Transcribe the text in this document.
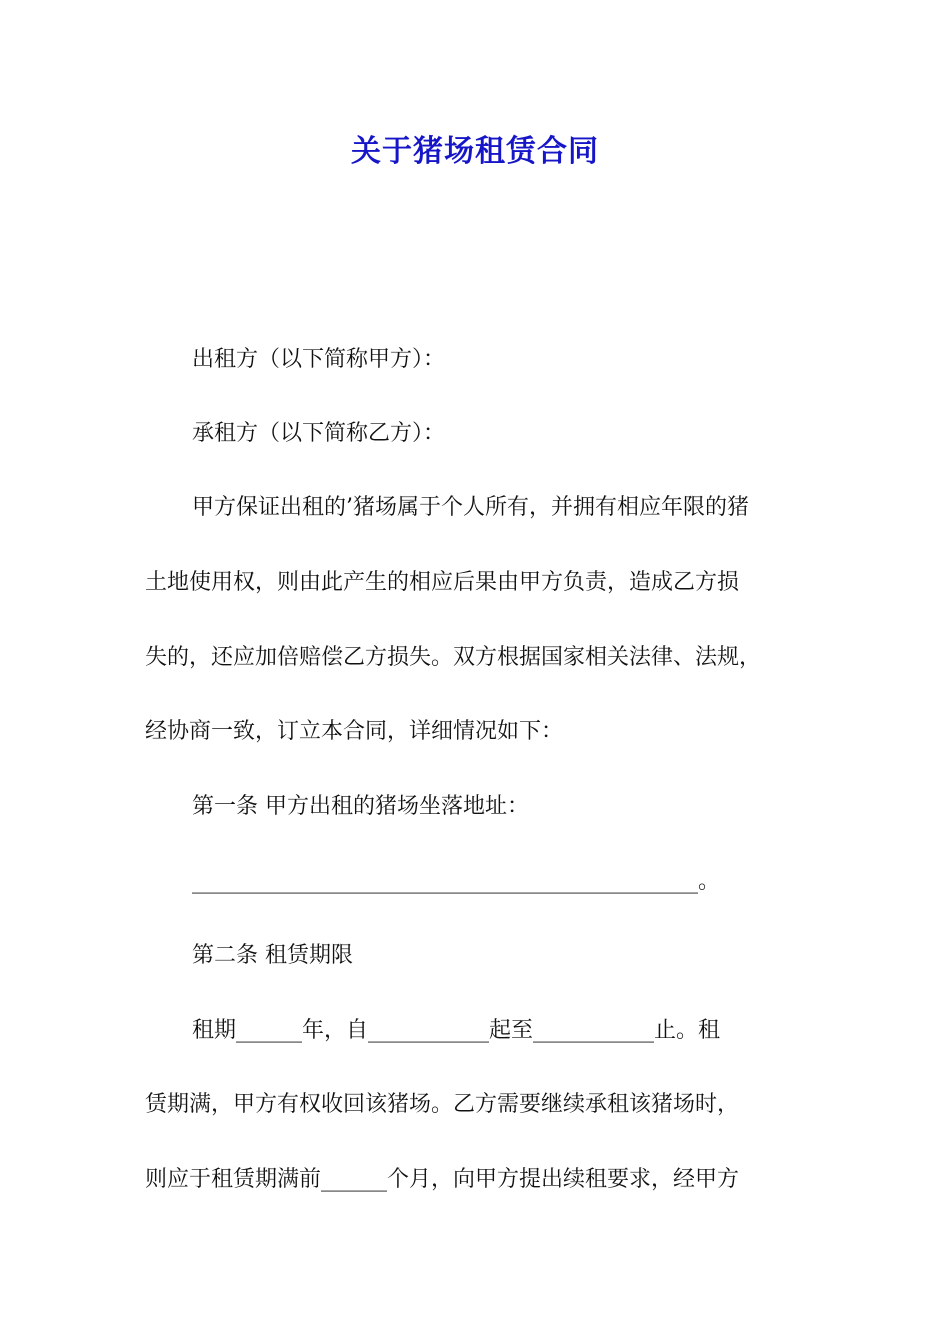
关于猪场租赁合同

出租方（以下简称甲方）：

承租方（以下简称乙方）：

甲方保证出租的’猪场属于个人所有，并拥有相应年限的猪

土地使用权，则由此产生的相应后果由甲方负责，造成乙方损

失的，还应加倍赔偿乙方损失。双方根据国家相关法律、法规，

经协商一致，订立本合同，详细情况如下：

第一条 甲方出租的猪场坐落地址：

______________________________________________。

第二条 租赁期限

租期______年，自___________起至___________止。租

赁期满，甲方有权收回该猪场。乙方需要继续承租该猪场时，

则应于租赁期满前______个月，向甲方提出续租要求，经甲方
